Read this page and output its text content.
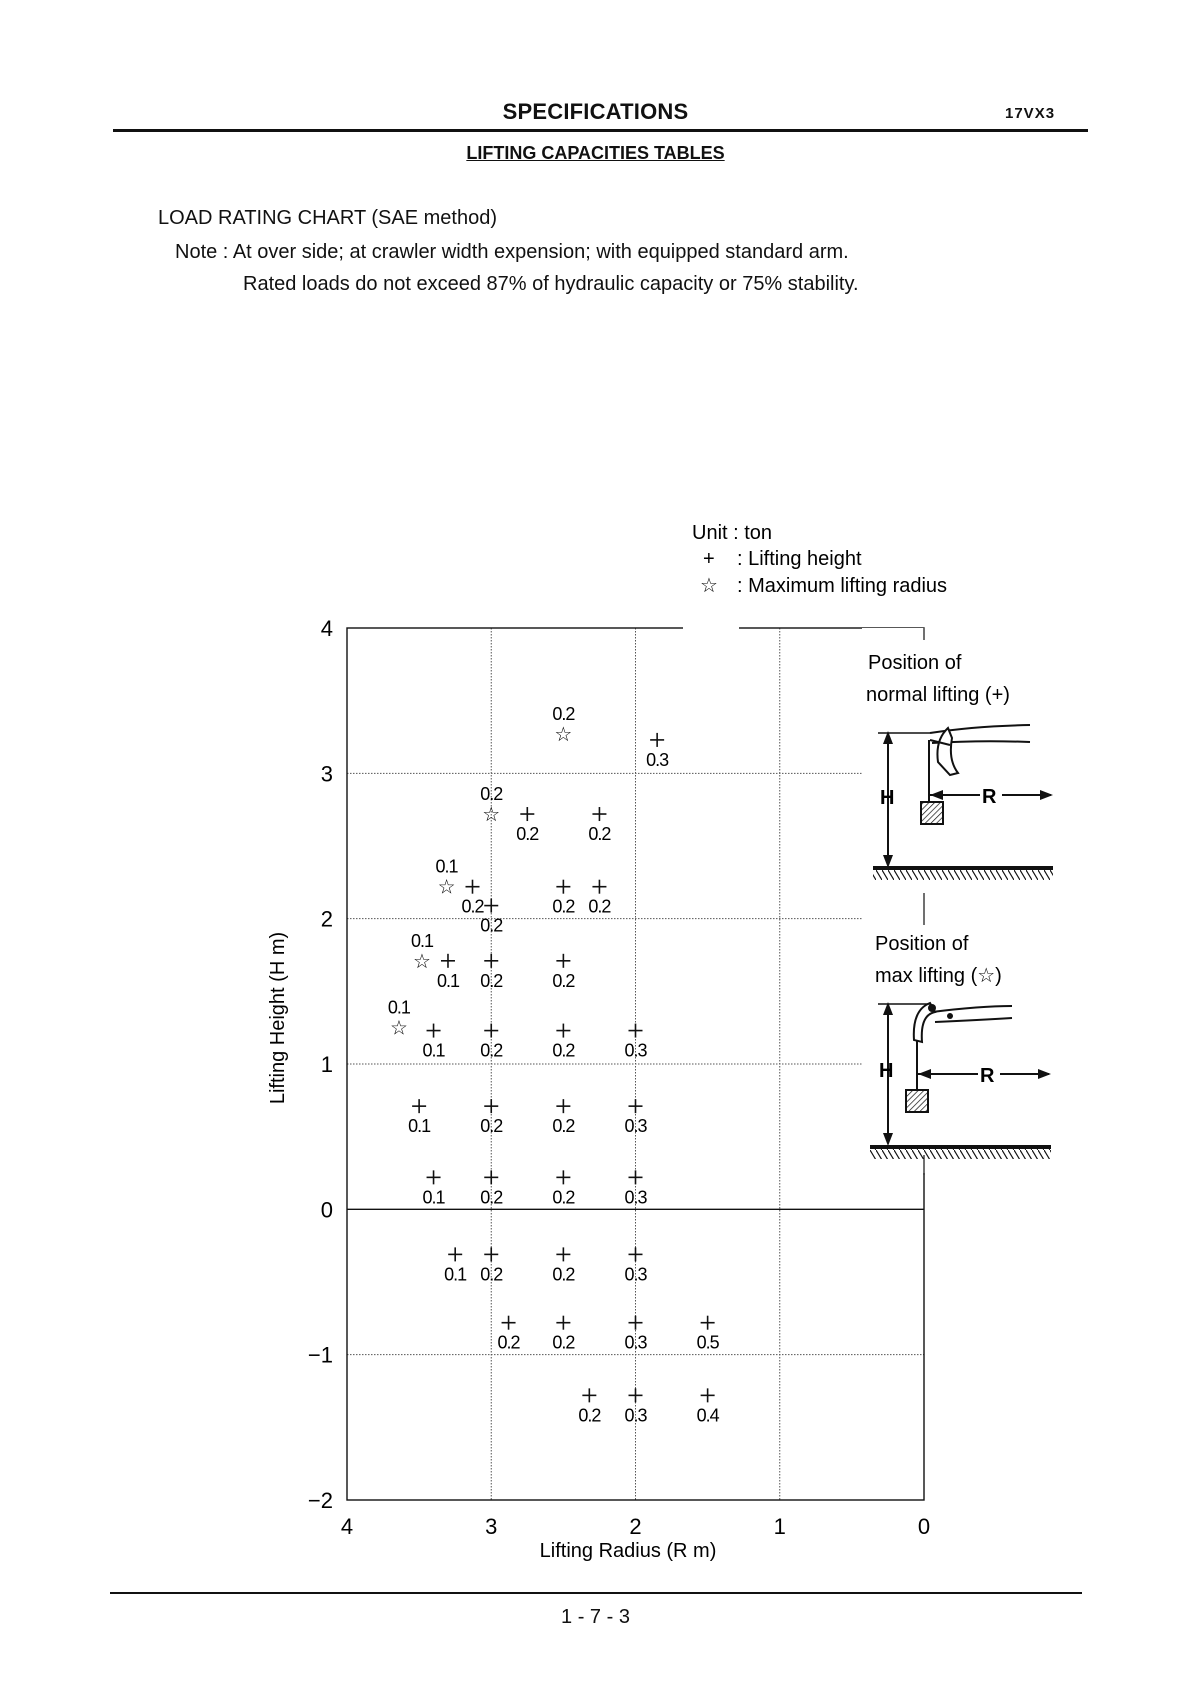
SPECIFICATIONS	17VX3
LIFTING CAPACITIES TABLES
LOAD RATING CHART (SAE method)
Note : At over side; at crawler width expension; with equipped standard arm.
Rated loads do not exceed 87% of hydraulic capacity or 75% stability.
4	3	2	1	0
−2
−1
0
1
2
3
4
0.3
0.2	0.2
0.2
0.2
0.2 0.2
0.1 0.2	0.2
0.1 0.2	0.2	0.3
0.1	0.2	0.2	0.3
0.1 0.2	0.2	0.3
0.1 0.2	0.2	0.3
0.2 0.2	0.3	0.5
0.2 0.3	0.4
☆
0.2
☆
0.2
☆
0.1
☆
0.1
☆
0.1
Unit : ton
+ : Lifting height
☆ : Maximum lifting radius
Position of
normal lifting (+)
H	R
Position of
max lifting (☆)
H	R
Lifting Radius (R m)
Lifting Height (H m)
1 - 7 - 3
